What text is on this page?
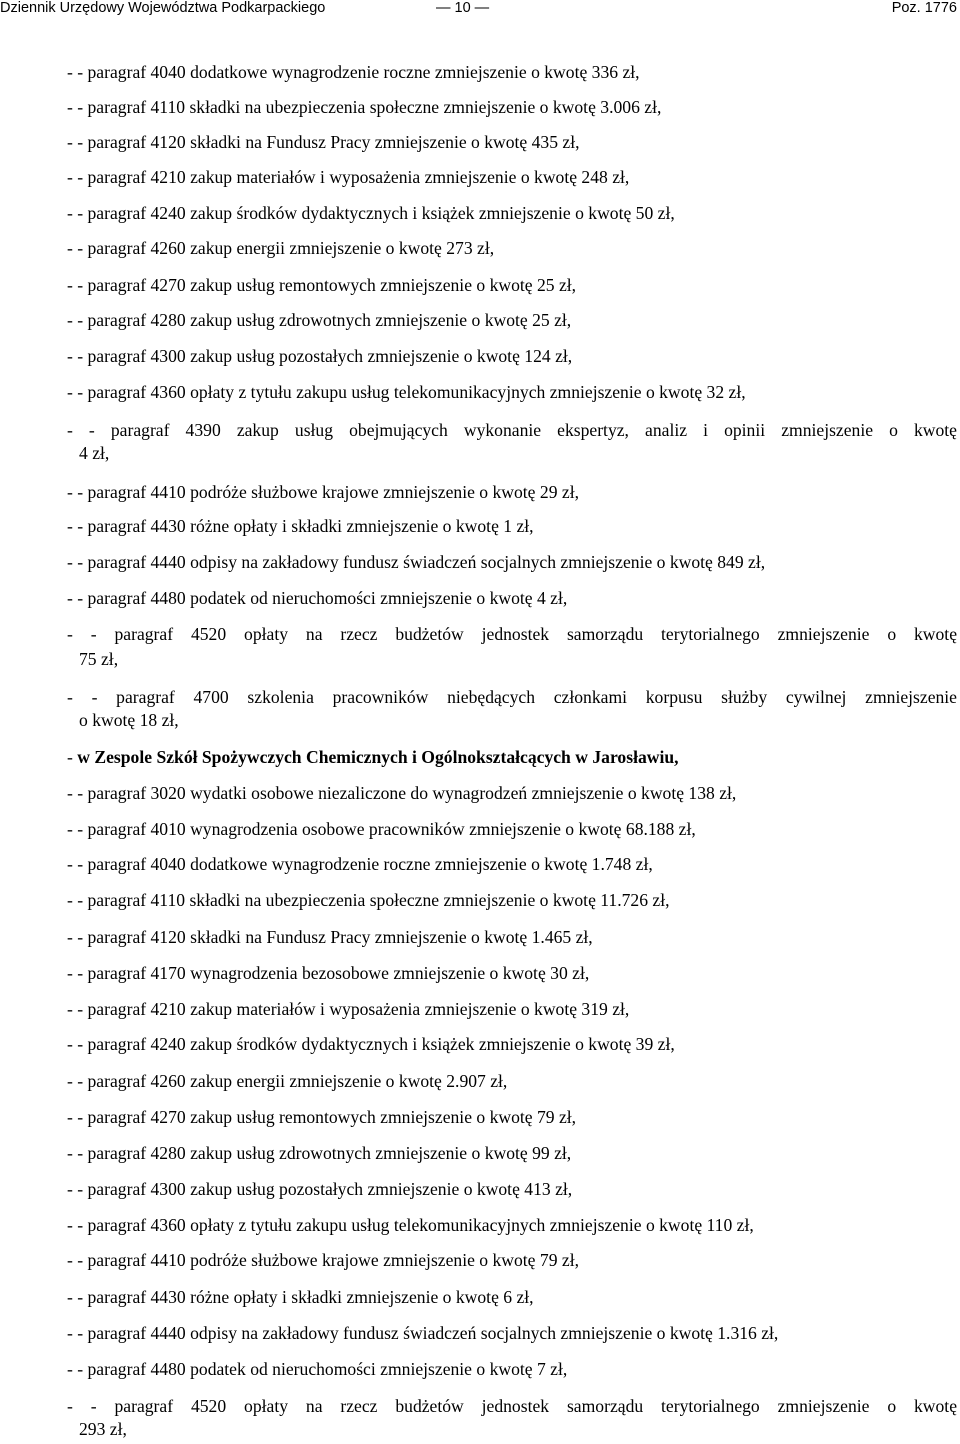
Dziennik Urzędowy Województwa Podkarpackiego	— 10 —	Poz. 1776
- - paragraf 4040 dodatkowe wynagrodzenie roczne zmniejszenie o kwotę 336 zł,
- - paragraf 4110 składki na ubezpieczenia społeczne zmniejszenie o kwotę 3.006 zł,
- - paragraf 4120 składki na Fundusz Pracy zmniejszenie o kwotę 435 zł,
- - paragraf 4210 zakup materiałów i wyposażenia zmniejszenie o kwotę 248 zł,
- - paragraf 4240 zakup środków dydaktycznych i książek zmniejszenie o kwotę 50 zł,
- - paragraf 4260 zakup energii zmniejszenie o kwotę 273 zł,
- - paragraf 4270 zakup usług remontowych zmniejszenie o kwotę 25 zł,
- - paragraf 4280 zakup usług zdrowotnych zmniejszenie o kwotę 25 zł,
- - paragraf 4300 zakup usług pozostałych zmniejszenie o kwotę 124 zł,
- - paragraf 4360 opłaty z tytułu zakupu usług telekomunikacyjnych zmniejszenie o kwotę 32 zł,
- - paragraf 4390 zakup usług obejmujących wykonanie ekspertyz, analiz i opinii zmniejszenie o kwotę
4 zł,
- - paragraf 4410 podróże służbowe krajowe zmniejszenie o kwotę 29 zł,
- - paragraf 4430 różne opłaty i składki zmniejszenie o kwotę 1 zł,
- - paragraf 4440 odpisy na zakładowy fundusz świadczeń socjalnych zmniejszenie o kwotę 849 zł,
- - paragraf 4480 podatek od nieruchomości zmniejszenie o kwotę 4 zł,
- - paragraf 4520 opłaty na rzecz budżetów jednostek samorządu terytorialnego zmniejszenie o kwotę
75 zł,
- - paragraf 4700 szkolenia pracowników niebędących członkami korpusu służby cywilnej zmniejszenie
o kwotę 18 zł,
- w Zespole Szkół Spożywczych Chemicznych i Ogólnokształcących w Jarosławiu,
- - paragraf 3020 wydatki osobowe niezaliczone do wynagrodzeń zmniejszenie o kwotę 138 zł,
- - paragraf 4010 wynagrodzenia osobowe pracowników zmniejszenie o kwotę 68.188 zł,
- - paragraf 4040 dodatkowe wynagrodzenie roczne zmniejszenie o kwotę 1.748 zł,
- - paragraf 4110 składki na ubezpieczenia społeczne zmniejszenie o kwotę 11.726 zł,
- - paragraf 4120 składki na Fundusz Pracy zmniejszenie o kwotę 1.465 zł,
- - paragraf 4170 wynagrodzenia bezosobowe zmniejszenie o kwotę 30 zł,
- - paragraf 4210 zakup materiałów i wyposażenia zmniejszenie o kwotę 319 zł,
- - paragraf 4240 zakup środków dydaktycznych i książek zmniejszenie o kwotę 39 zł,
- - paragraf 4260 zakup energii zmniejszenie o kwotę 2.907 zł,
- - paragraf 4270 zakup usług remontowych zmniejszenie o kwotę 79 zł,
- - paragraf 4280 zakup usług zdrowotnych zmniejszenie o kwotę 99 zł,
- - paragraf 4300 zakup usług pozostałych zmniejszenie o kwotę 413 zł,
- - paragraf 4360 opłaty z tytułu zakupu usług telekomunikacyjnych zmniejszenie o kwotę 110 zł,
- - paragraf 4410 podróże służbowe krajowe zmniejszenie o kwotę 79 zł,
- - paragraf 4430 różne opłaty i składki zmniejszenie o kwotę 6 zł,
- - paragraf 4440 odpisy na zakładowy fundusz świadczeń socjalnych zmniejszenie o kwotę 1.316 zł,
- - paragraf 4480 podatek od nieruchomości zmniejszenie o kwotę 7 zł,
- - paragraf 4520 opłaty na rzecz budżetów jednostek samorządu terytorialnego zmniejszenie o kwotę
293 zł,
